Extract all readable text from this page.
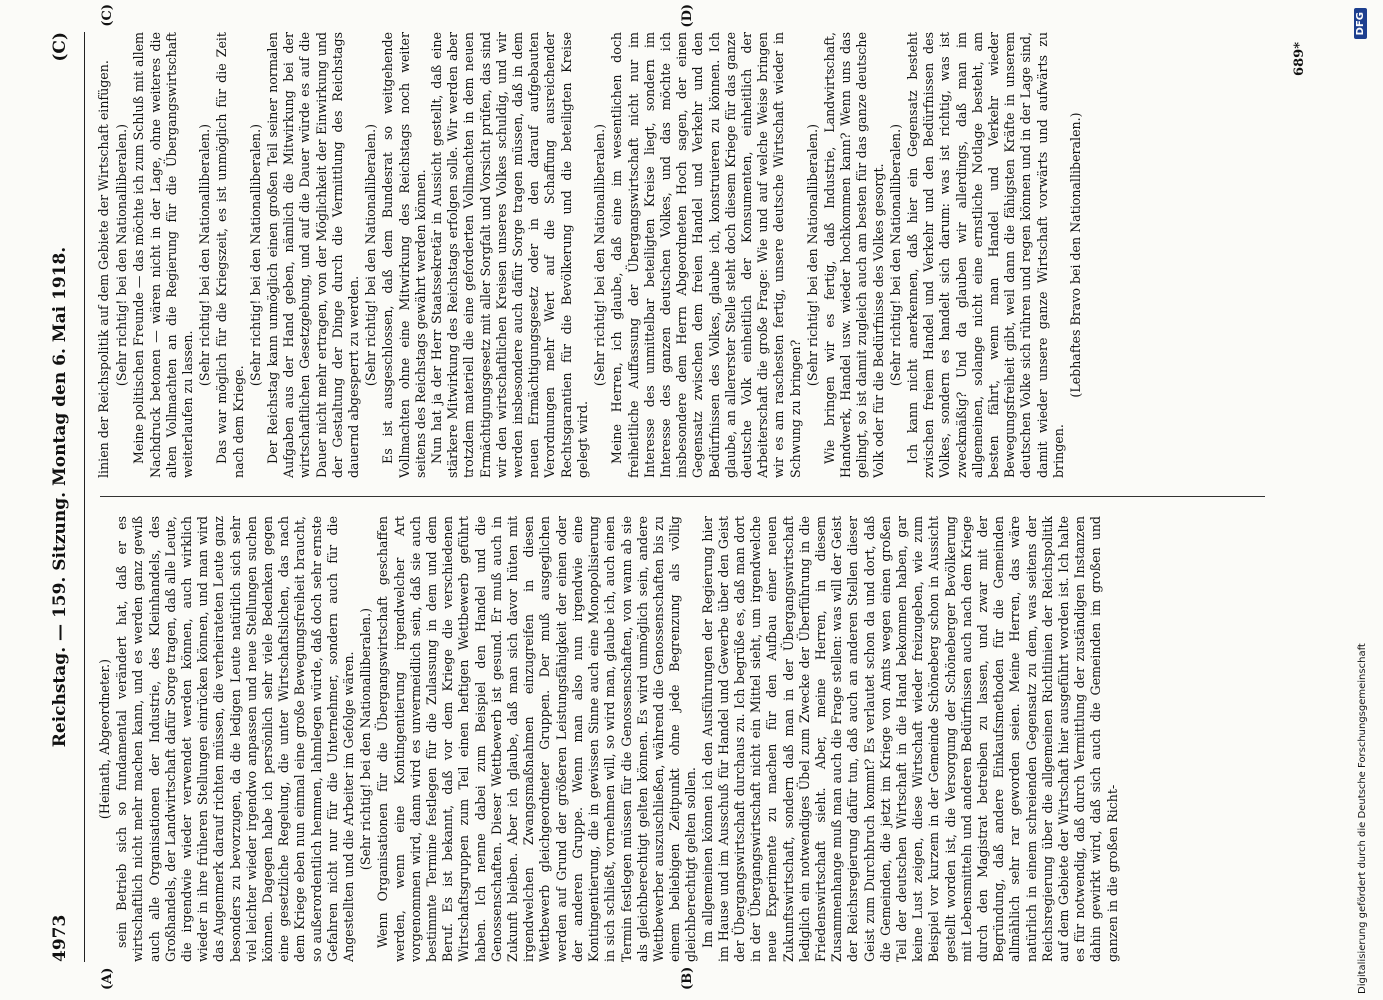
4973
Reichstag. — 159. Sitzung. Montag den 6. Mai 1918.
(C)
(A)	(B)
(C)	(D)

(Heinath, Abgeordneter.) sein Betrieb sich so fundamental verändert hat, daß er es wirtschaftlich nicht mehr machen kann, und es werden ganz gewiß auch alle Organisationen der Industrie, des Kleinhandels, des Großhandels, der Landwirtschaft dafür Sorge tragen, daß alle Leute, die irgendwie wieder verwendet werden können, auch wirklich wieder in ihre früheren Stellungen einrücken können, und man wird das Augenmerk darauf richten müssen, die verheirateten Leute ganz besonders zu bevorzugen, da die ledigen Leute natürlich sich sehr viel leichter wieder irgendwo anpassen und neue Stellungen suchen können. Dagegen habe ich persönlich sehr viele Bedenken gegen eine gesetzliche Regelung, die unter Wirtschaftslichen, das nach dem Kriege eben nun einmal eine große Bewegungsfreiheit braucht, so außerordentlich hemmen, lahmlegen würde, daß doch sehr ernste Gefahren nicht nur für die Unternehmer, sondern auch für die Angestellten und die Arbeiter im Gefolge wären. (Sehr richtig! bei den Nationalliberalen.) Wenn Organisationen für die Übergangswirtschaft geschaffen werden, wenn eine Kontingentierung irgendwelcher Art vorgenommen wird, dann wird es unvermeidlich sein, daß sie auch bestimmte Termine festlegen für die Zulassung in dem und dem Beruf. Es ist bekannt, daß vor dem Kriege die verschiedenen Wirtschaftsgruppen zum Teil einen heftigen Wettbewerb geführt haben. Ich nenne dabei zum Beispiel den Handel und die Genossenschaften. Dieser Wettbewerb ist gesund. Er muß auch in Zukunft bleiben. Aber ich glaube, daß man sich davor hüten mit irgendwelchen Zwangsmaßnahmen einzugreifen in diesen Wettbewerb gleichgeordneter Gruppen. Der muß ausgeglichen werden auf Grund der größeren Leistungsfähigkeit der einen oder der anderen Gruppe. Wenn man also nun irgendwie eine Kontingentierung, die in gewissen Sinne auch eine Monopolisierung in sich schließt, vornehmen will, so wird man, glaube ich, auch einen Termin festlegen müssen für die Genossenschaften, von wann ab sie als gleichberechtigt gelten können. Es wird unmöglich sein, andere Wettbewerber auszuschließen, während die Genossenschaften bis zu einem beliebigen Zeitpunkt ohne jede Begrenzung als völlig gleichberechtigt gelten sollen. Im allgemeinen können ich den Ausführungen der Regierung hier im Hause und im Ausschuß für Handel und Gewerbe über den Geist der Übergangswirtschaft durchaus zu. Ich begrüße es, daß man dort in der Übergangswirtschaft nicht ein Mittel sieht, um irgendwelche neue Experimente zu machen für den Aufbau einer neuen Zukunftswirtschaft, sondern daß man in der Übergangswirtschaft lediglich ein notwendiges Übel zum Zwecke der Überführung in die Friedenswirtschaft sieht. Aber, meine Herren, in diesem Zusammenhange muß man auch die Frage stellen: was will der Geist der Reichsregierung dafür tun, daß auch an anderen Stellen dieser Geist zum Durchbruch kommt? Es verlautet schon da und dort, daß die Gemeinden, die jetzt im Kriege von Amts wegen einen großen Teil der deutschen Wirtschaft in die Hand bekommen haben, gar keine Lust zeigen, diese Wirtschaft wieder freizugeben, wie zum Beispiel vor kurzem in der Gemeinde Schöneberg schon in Aussicht gestellt worden ist, die Versorgung der Schöneberger Bevölkerung mit Lebensmitteln und anderen Bedürfnissen auch nach dem Kriege durch den Magistrat betreiben zu lassen, und zwar mit der Begründung, daß andere Einkaufsmethoden für die Gemeinden allmählich sehr rar geworden seien. Meine Herren, das wäre natürlich in einem schreienden Gegensatz zu dem, was seitens der Reichsregierung über die allgemeinen Richtlinien der Reichspolitik auf dem Gebiete der Wirtschaft hier ausgeführt worden ist. Ich halte es für notwendig, daß durch Vermittlung der zuständigen Instanzen dahin gewirkt wird, daß sich auch die Gemeinden im großen und ganzen in die großen Richt-

linien der Reichspolitik auf dem Gebiete der Wirtschaft einfügen. (Sehr richtig! bei den Nationalliberalen.) Meine politischen Freunde — das möchte ich zum Schluß mit allem Nachdruck betonen — wären nicht in der Lage, ohne weiteres die alten Vollmachten an die Regierung für die Übergangswirtschaft weiterlaufen zu lassen.

(Sehr richtig! bei den Nationalliberalen.) Das war möglich für die Kriegszeit, es ist unmöglich für die Zeit nach dem Kriege.

(Sehr richtig! bei den Nationalliberalen.) Der Reichstag kann unmöglich einen großen Teil seiner normalen Aufgaben aus der Hand geben, nämlich die Mitwirkung bei der wirtschaftlichen Gesetzgebung, und auf die Dauer würde es auf die Dauer nicht mehr ertragen, von der Möglichkeit der Einwirkung und der Gestaltung der Dinge durch die Vermittlung des Reichstags dauernd abgesperrt zu werden. (Sehr richtig! bei den Nationalliberalen.) Es ist ausgeschlossen, daß dem Bundesrat so weitgehende Vollmachten ohne eine Mitwirkung des Reichstags noch weiter seitens des Reichstags gewährt werden können. Nun hat ja der Herr Staatssekretär in Aussicht gestellt, daß eine stärkere Mitwirkung des Reichstags erfolgen solle. Wir werden aber trotzdem materiell die eine geforderten Vollmachten in dem neuen Ermächtigungsgesetz mit aller Sorgfalt und Vorsicht prüfen, das sind wir den wirtschaftlichen Kreisen unseres Volkes schuldig, und wir werden insbesondere auch dafür Sorge tragen müssen, daß in dem neuen Ermächtigungsgesetz oder in den darauf aufgebauten Verordnungen mehr Wert auf die Schaffung ausreichender Rechtsgarantien für die Bevölkerung und die beteiligten Kreise gelegt wird.

(Sehr richtig! bei den Nationalliberalen.) Meine Herren, ich glaube, daß eine im wesentlichen doch freiheitliche Auffassung der Übergangswirtschaft nicht nur im Interesse des unmittelbar beteiligten Kreise liegt, sondern im Interesse des ganzen deutschen Volkes, und das möchte ich insbesondere dem Herrn Abgeordneten Hoch sagen, der einen Gegensatz zwischen dem freien Handel und Verkehr und den Bedürfnissen des Volkes, glaube ich, konstruieren zu können. Ich glaube, an allererster Stelle steht doch diesem Kriege für das ganze deutsche Volk einheitlich der Konsumenten, einheitlich der Arbeiterschaft die große Frage: Wie und auf welche Weise bringen wir es am raschesten fertig, unsere deutsche Wirtschaft wieder in Schwung zu bringen?

(Sehr richtig! bei den Nationalliberalen.) Wie bringen wir es fertig, daß Industrie, Landwirtschaft, Handwerk, Handel usw. wieder hochkommen kann? Wenn uns das gelingt, so ist damit zugleich auch am besten für das ganze deutsche Volk oder für die Bedürfnisse des Volkes gesorgt. (Sehr richtig! bei den Nationalliberalen.) Ich kann nicht anerkennen, daß hier ein Gegensatz besteht zwischen freiem Handel und Verkehr und den Bedürfnissen des Volkes, sondern es handelt sich darum: was ist richtig, was ist zweckmäßig? Und da glauben wir allerdings, daß man im allgemeinen, solange nicht eine ernstliche Notlage besteht, am besten fährt, wenn man Handel und Verkehr wieder Bewegungsfreiheit gibt, weil dann die fähigsten Kräfte in unserem deutschen Volke sich rühren und regen können und in der Lage sind, damit wieder unsere ganze Wirtschaft vorwärts und aufwärts zu bringen.

(Lebhaftes Bravo bei den Nationalliberalen.)

689*
Digitalisierung gefördert durch die Deutsche Forschungsgemeinschaft
DFG
